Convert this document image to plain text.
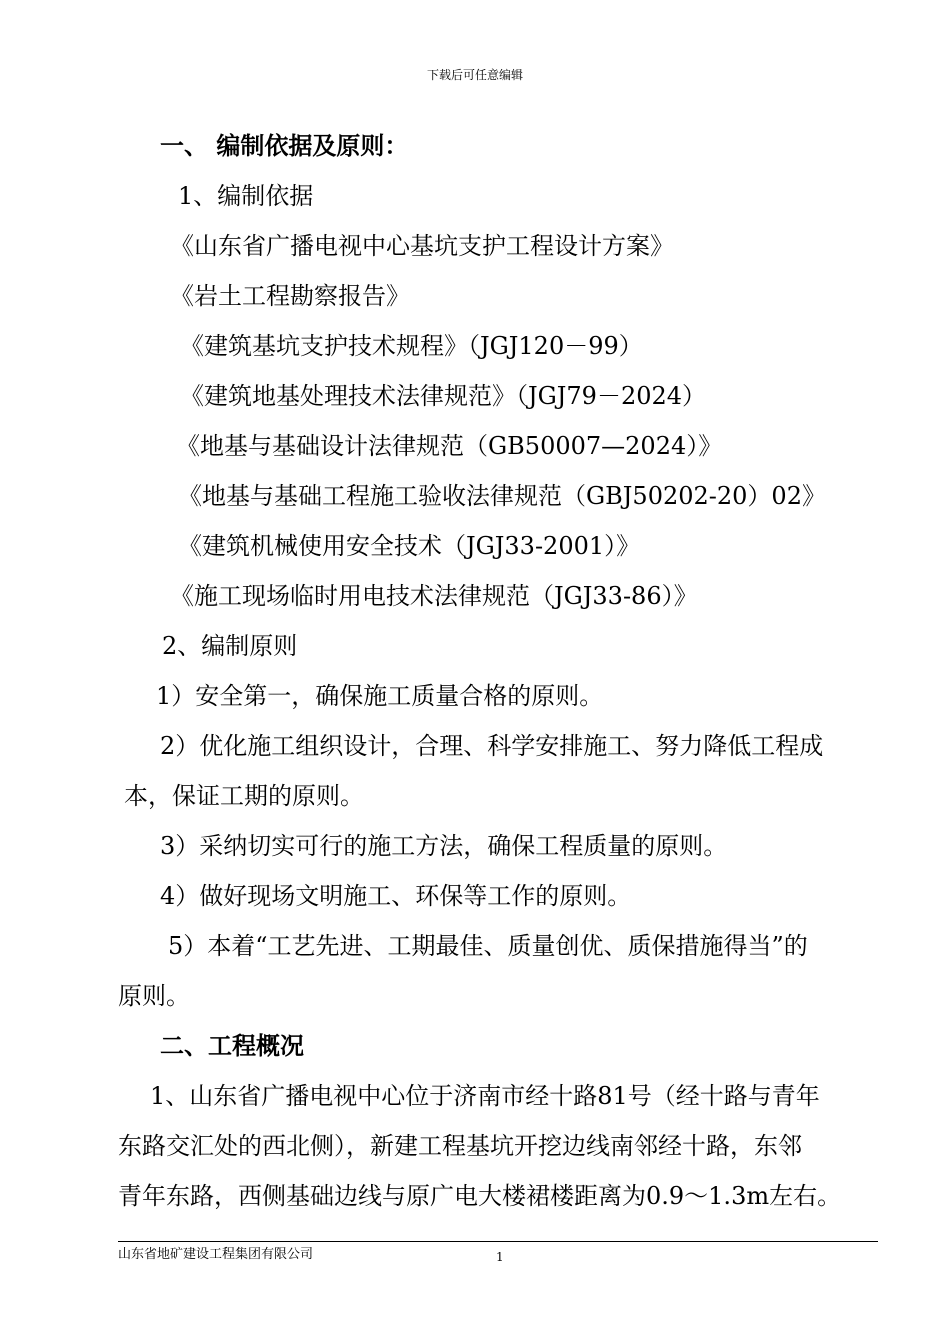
下载后可任意编辑
一、 编制依据及原则：
1、编制依据
《山东省广播电视中心基坑支护工程设计方案》
《岩土工程勘察报告》
《建筑基坑支护技术规程》（JGJ120－99）
《建筑地基处理技术法律规范》（JGJ79－2024）
《地基与基础设计法律规范（GB50007—2024）》
《地基与基础工程施工验收法律规范（GBJ50202-20）02》
《建筑机械使用安全技术（JGJ33-2001）》
《施工现场临时用电技术法律规范（JGJ33-86）》
2、编制原则
1）安全第一，确保施工质量合格的原则。
2）优化施工组织设计，合理、科学安排施工、努力降低工程成
本，保证工期的原则。
3）采纳切实可行的施工方法，确保工程质量的原则。
4）做好现场文明施工、环保等工作的原则。
5）本着“工艺先进、工期最佳、质量创优、质保措施得当”的
原则。
二、工程概况
1、山东省广播电视中心位于济南市经十路81号（经十路与青年
东路交汇处的西北侧），新建工程基坑开挖边线南邻经十路，东邻
青年东路，西侧基础边线与原广电大楼裙楼距离为0.9～1.3m左右。
山东省地矿建设工程集团有限公司	1
